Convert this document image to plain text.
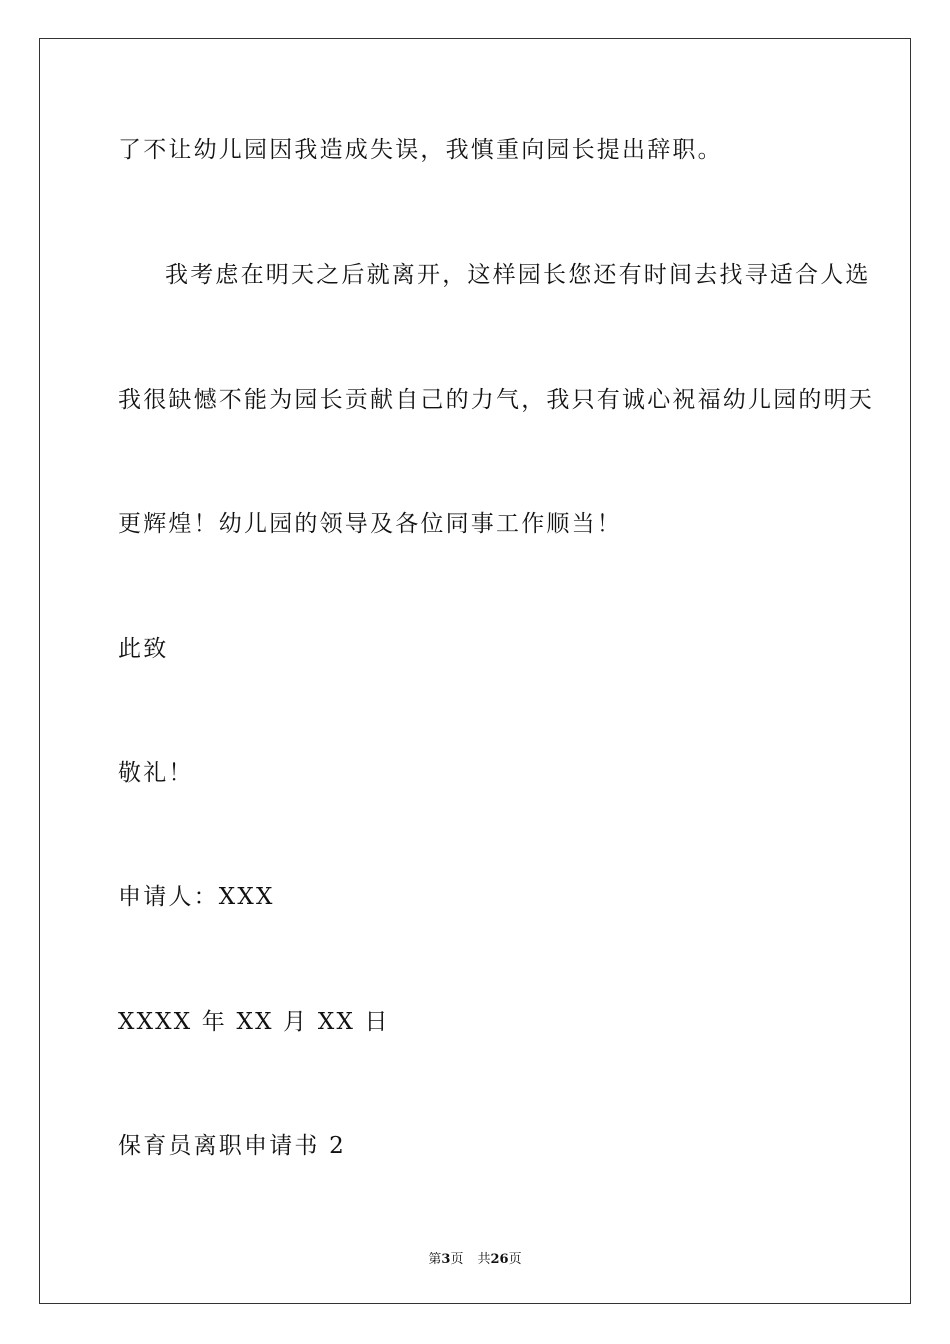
了不让幼儿园因我造成失误，我慎重向园长提出辞职。
我考虑在明天之后就离开，这样园长您还有时间去找寻适合人选
我很缺憾不能为园长贡献自己的力气，我只有诚心祝福幼儿园的明天
更辉煌！幼儿园的领导及各位同事工作顺当！
此致
敬礼！
申请人：XXX
XXXX 年 XX 月 XX 日
保育员离职申请书 2
第3页 共26页
